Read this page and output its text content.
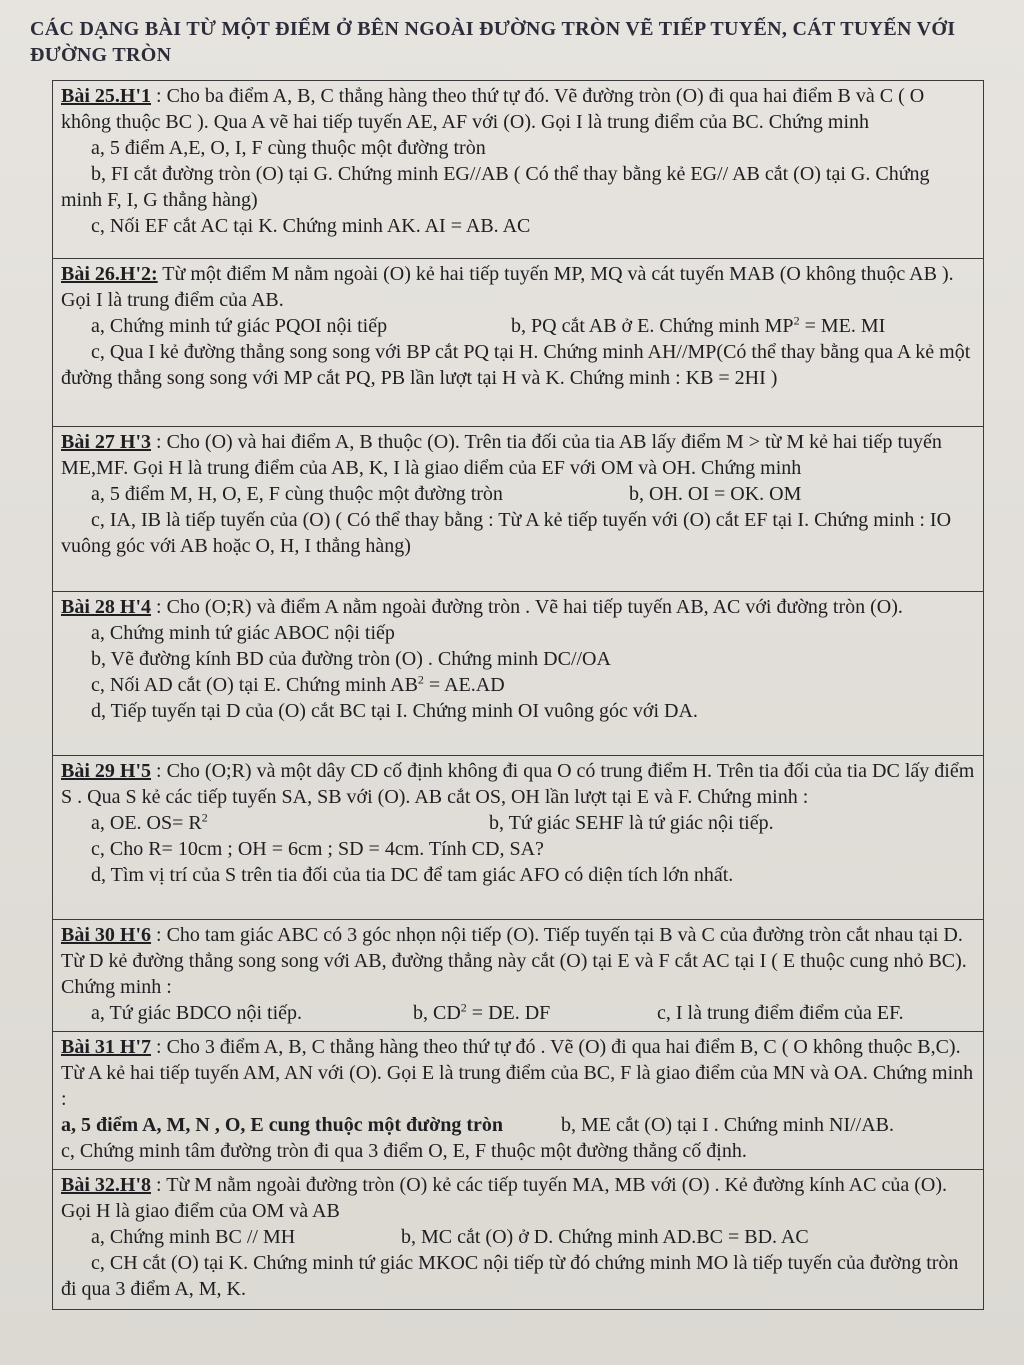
CÁC DẠNG BÀI TỪ MỘT ĐIỂM Ở BÊN NGOÀI ĐƯỜNG TRÒN VẼ TIẾP TUYẾN, CÁT TUYẾN VỚI ĐƯỜNG TRÒN
Bài 25.H'1 : Cho ba điểm A, B, C thẳng hàng theo thứ tự đó. Vẽ đường tròn (O) đi qua hai điểm B và C ( O không thuộc BC ). Qua A vẽ hai tiếp tuyến AE, AF với (O). Gọi I là trung điểm của BC. Chứng minh
a, 5 điểm A,E, O, I, F cùng thuộc một đường tròn
b, FI cắt đường tròn (O) tại G. Chứng minh EG//AB ( Có thể thay bằng kẻ EG// AB cắt (O) tại G. Chứng minh F, I, G thẳng hàng)
c, Nối EF cắt AC tại K. Chứng minh AK. AI = AB. AC
Bài 26.H'2: Từ một điểm M nằm ngoài (O) kẻ hai tiếp tuyến MP, MQ và cát tuyến MAB (O không thuộc AB ). Gọi I là trung điểm của AB.
a, Chứng minh tứ giác PQOI nội tiếp	b, PQ cắt AB ở E. Chứng minh $MP^2$ = ME. MI
c, Qua I kẻ đường thẳng song song với BP cắt PQ tại H. Chứng minh AH//MP(Có thể thay bằng qua A kẻ một đường thẳng song song với MP cắt PQ, PB lần lượt tại H và K. Chứng minh : KB = 2HI )
Bài 27 H'3 : Cho (O) và hai điểm A, B thuộc (O). Trên tia đối của tia AB lấy điểm M > từ M kẻ hai tiếp tuyến ME,MF. Gọi H là trung điểm của AB, K, I là giao diểm của EF với OM và OH. Chứng minh
a, 5 điểm M, H, O, E, F cùng thuộc một đường tròn	b, OH. OI = OK. OM
c, IA, IB là tiếp tuyến của (O) ( Có thể thay bằng : Từ A kẻ tiếp tuyến với (O) cắt EF tại I. Chứng minh : IO vuông góc với AB hoặc O, H, I thẳng hàng)
Bài 28 H'4 : Cho (O;R) và điểm A nằm ngoài đường tròn . Vẽ hai tiếp tuyến AB, AC với đường tròn (O).
a, Chứng minh tứ giác ABOC nội tiếp
b, Vẽ đường kính BD của đường tròn (O) . Chứng minh DC//OA
c, Nối AD cắt (O) tại E. Chứng minh $AB^2 = AE.AD$
d, Tiếp tuyến tại D của (O) cắt BC tại I. Chứng minh OI vuông góc với DA.
Bài 29 H'5 : Cho (O;R) và một dây CD cố định không đi qua O có trung điểm H. Trên tia đối của tia DC lấy điểm S . Qua S kẻ các tiếp tuyến SA, SB với (O). AB cắt OS, OH lần lượt tại E và F. Chứng minh :
a, OE. $OS= R^2$	b, Tứ giác SEHF là tứ giác nội tiếp.
c, Cho R= 10cm ; OH = 6cm ; SD = 4cm. Tính CD, SA?
d, Tìm vị trí của S trên tia đối của tia DC để tam giác AFO có diện tích lớn nhất.
Bài 30 H'6 : Cho tam giác ABC có 3 góc nhọn nội tiếp (O). Tiếp tuyến tại B và C của đường tròn cắt nhau tại D. Từ D kẻ đường thẳng song song với AB, đường thẳng này cắt (O) tại E và F cắt AC tại I ( E thuộc cung nhỏ BC). Chứng minh :
a, Tứ giác BDCO nội tiếp.	b, $CD^2$ = DE. DF	c, I là trung điểm điểm của EF.
Bài 31 H'7 : Cho 3 điểm A, B, C thẳng hàng theo thứ tự đó . Vẽ (O) đi qua hai điểm B, C ( O không thuộc B,C). Từ A kẻ hai tiếp tuyến AM, AN với (O). Gọi E là trung điểm của BC, F là giao điểm của MN và OA. Chứng minh :
a, 5 điểm A, M, N , O, E cung thuộc một đường tròn	b, ME cắt (O) tại I . Chứng minh NI//AB.
c, Chứng minh tâm đường tròn đi qua 3 điểm O, E, F thuộc một đường thẳng cố định.
Bài 32.H'8 : Từ M nằm ngoài đường tròn (O) kẻ các tiếp tuyến MA, MB với (O) . Kẻ đường kính AC của (O). Gọi H là giao điểm của OM và AB
a, Chứng minh BC // MH	b, MC cắt (O) ở D. Chứng minh AD.BC = BD. AC
c, CH cắt (O) tại K. Chứng minh tứ giác MKOC nội tiếp từ đó chứng minh MO là tiếp tuyến của đường tròn đi qua 3 điểm A, M, K.
